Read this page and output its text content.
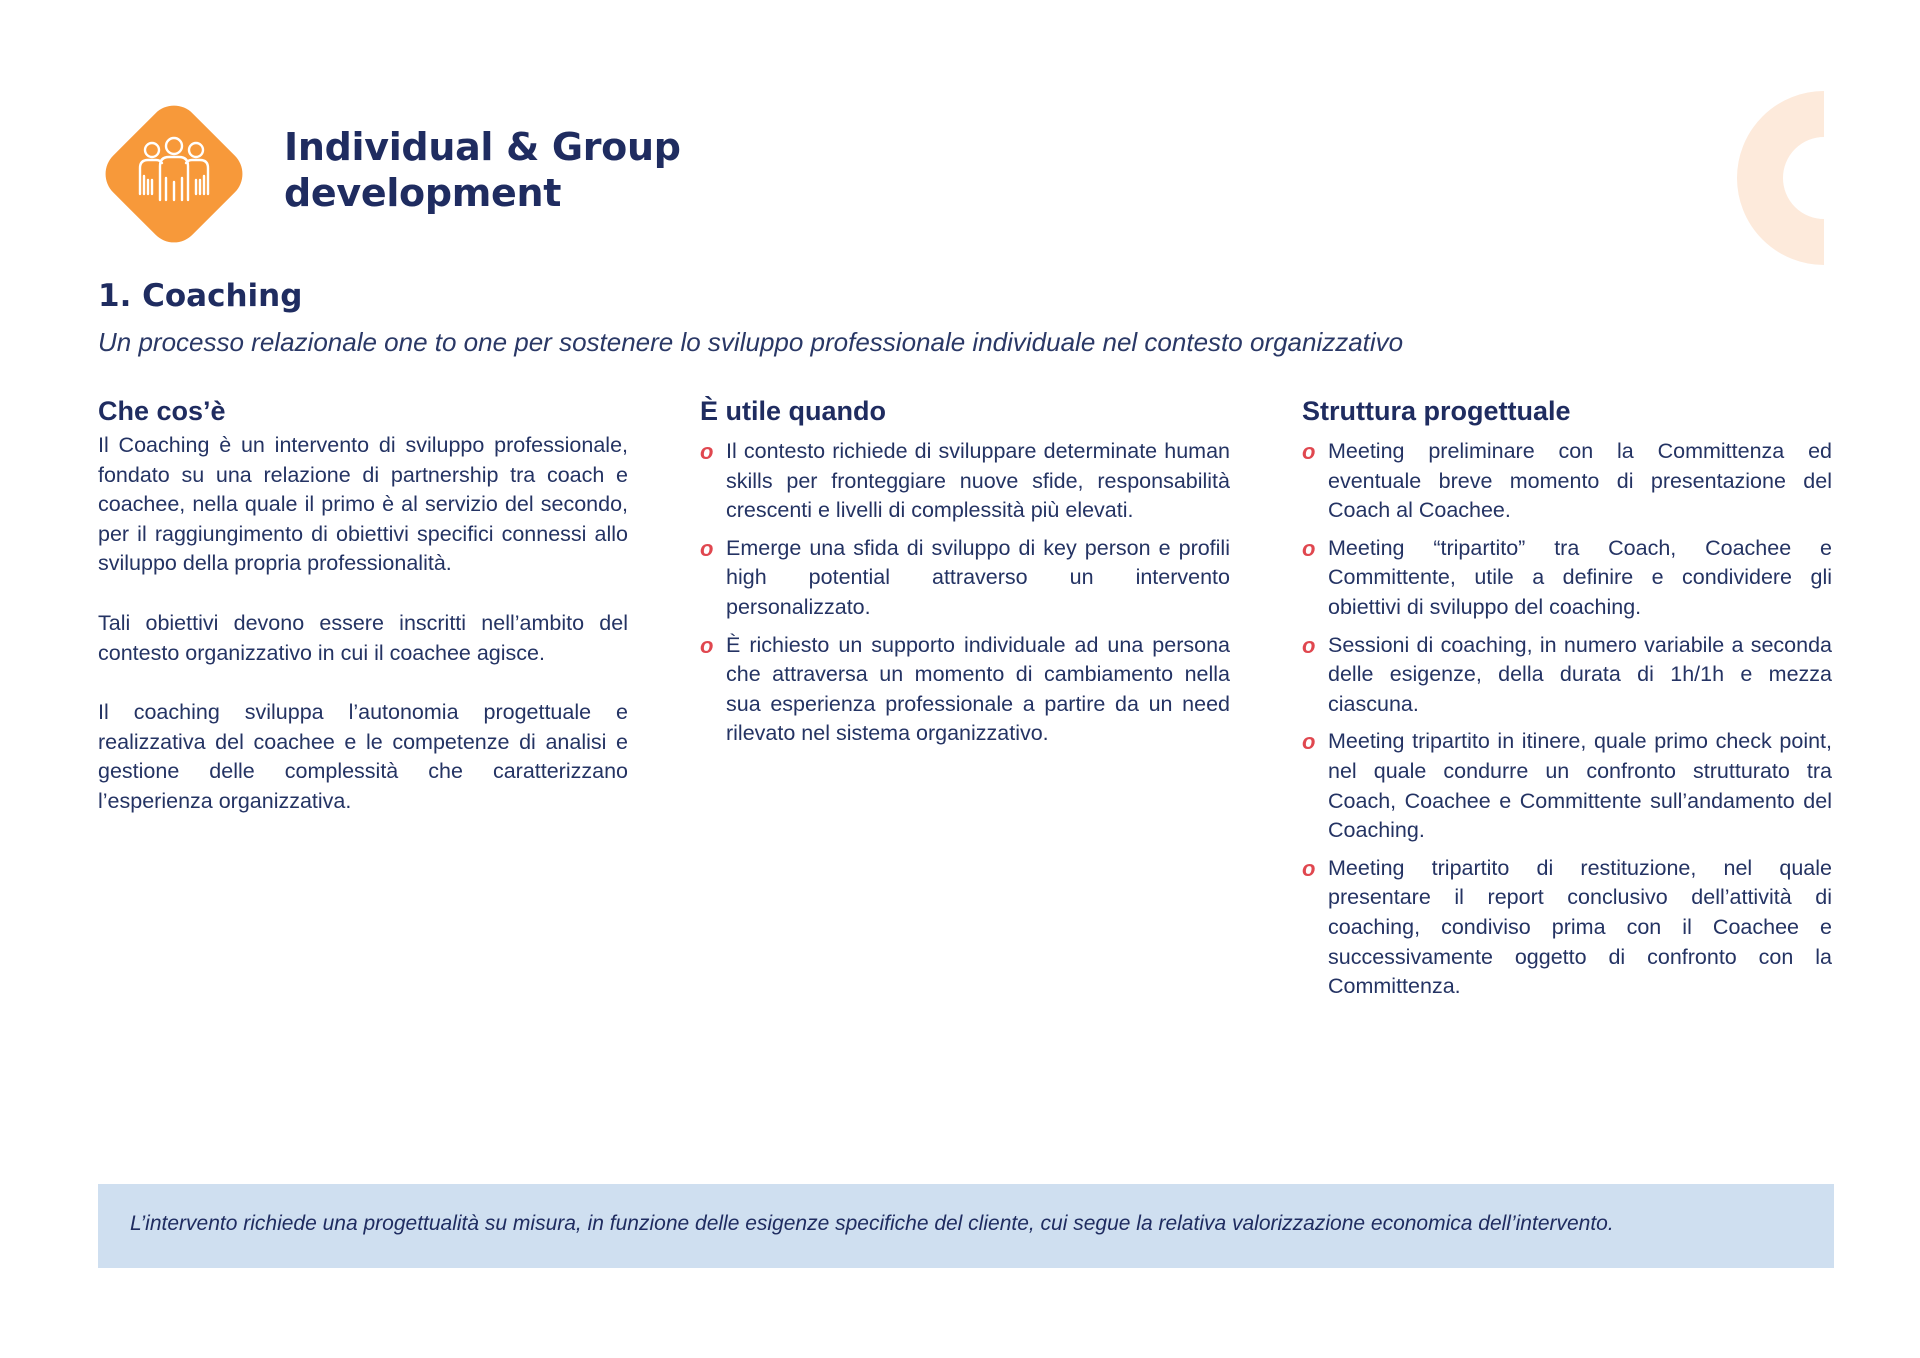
Individual & Group
development
1. Coaching
Un processo relazionale one to one per sostenere lo sviluppo professionale individuale nel contesto organizzativo
Che cos’è

Il Coaching è un intervento di sviluppo professionale, fondato su una relazione di partnership tra coach e coachee, nella quale il primo è al servizio del secondo, per il raggiungimento di obiettivi specifici connessi allo sviluppo della propria professionalità.

Tali obiettivi devono essere inscritti nell’ambito del contesto organizzativo in cui il coachee agisce.

Il coaching sviluppa l’autonomia progettuale e realizzativa del coachee e le competenze di analisi e gestione delle complessità che caratterizzano l’esperienza organizzativa.

È utile quando
o Il contesto richiede di sviluppare determinate human skills per fronteggiare nuove sfide, responsabilità crescenti e livelli di complessità più elevati.
o Emerge una sfida di sviluppo di key person e profili high potential attraverso un intervento personalizzato.
o È richiesto un supporto individuale ad una persona che attraversa un momento di cambiamento nella sua esperienza professionale a partire da un need rilevato nel sistema organizzativo.
Struttura progettuale
o Meeting preliminare con la Committenza ed eventuale breve momento di presentazione del Coach al Coachee.
o Meeting “tripartito” tra Coach, Coachee e Committente, utile a definire e condividere gli obiettivi di sviluppo del coaching.
o Sessioni di coaching, in numero variabile a seconda delle esigenze, della durata di 1h/1h e mezza ciascuna.
o Meeting tripartito in itinere, quale primo check point, nel quale condurre un confronto strutturato tra Coach, Coachee e Committente sull’andamento del Coaching.
o Meeting tripartito di restituzione, nel quale presentare il report conclusivo dell’attività di coaching, condiviso prima con il Coachee e successivamente oggetto di confronto con la Committenza.
L’intervento richiede una progettualità su misura, in funzione delle esigenze specifiche del cliente, cui segue la relativa valorizzazione economica dell’intervento.
